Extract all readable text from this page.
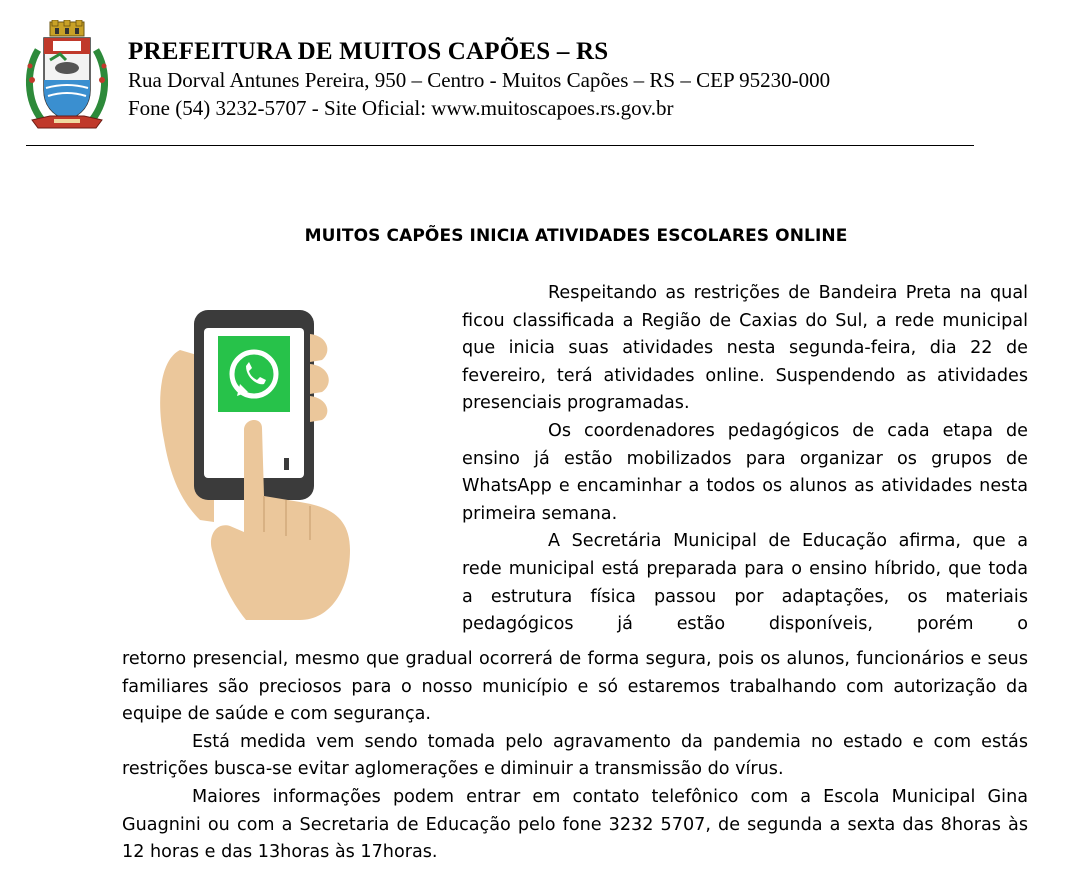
PREFEITURA DE MUITOS CAPÕES – RS
Rua Dorval Antunes Pereira, 950 – Centro - Muitos Capões – RS – CEP 95230-000
Fone (54) 3232-5707 - Site Oficial: www.muitoscapoes.rs.gov.br
MUITOS CAPÕES INICIA ATIVIDADES ESCOLARES ONLINE

Respeitando as restrições de Bandeira Preta na qual ficou classificada a Região de Caxias do Sul, a rede municipal que inicia suas atividades nesta segunda-feira, dia 22 de fevereiro, terá atividades online. Suspendendo as atividades presenciais programadas.

Os coordenadores pedagógicos de cada etapa de ensino já estão mobilizados para organizar os grupos de WhatsApp e encaminhar a todos os alunos as atividades nesta primeira semana.

A Secretária Municipal de Educação afirma, que a rede municipal está preparada para o ensino híbrido, que toda a estrutura física passou por adaptações, os materiais pedagógicos já estão disponíveis, porém o

retorno presencial, mesmo que gradual ocorrerá de forma segura, pois os alunos, funcionários e seus familiares são preciosos para o nosso município e só estaremos trabalhando com autorização da equipe de saúde e com segurança.

Está medida vem sendo tomada pelo agravamento da pandemia no estado e com estás restrições busca-se evitar aglomerações e diminuir a transmissão do vírus.

Maiores informações podem entrar em contato telefônico com a Escola Municipal Gina Guagnini ou com a Secretaria de Educação pelo fone 3232 5707, de segunda a sexta das 8horas às 12 horas e das 13horas às 17horas.
